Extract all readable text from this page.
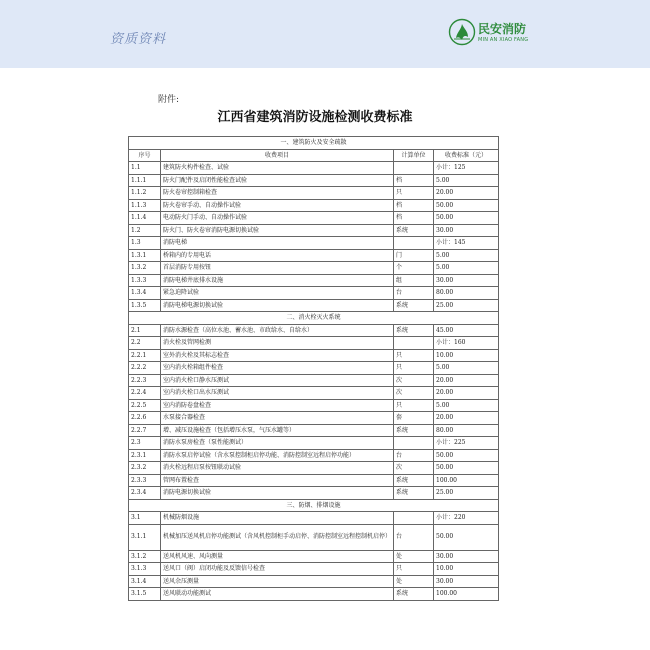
资质资料
民安消防
MIN AN XIAO FANG
附件:
江西省建筑消防设施检测收费标准
一、建筑防火及安全疏散			
序号	收费项目	计算单位	收费标准（元）
1.1	建筑防火构件检查、试验		小计：125
1.1.1	防火门配件及启闭性能检查试验	档	5.00
1.1.2	防火卷帘控制箱检查	只	20.00
1.1.3	防火卷帘手动、自动操作试验	档	50.00
1.1.4	电动防火门手动、自动操作试验	档	50.00
1.2	防火门、防火卷帘消防电源切换试验	系统	30.00
1.3	消防电梯		小计：145
1.3.1	桥箱内的专用电话	门	5.00
1.3.2	首层消防专用按钮	个	5.00
1.3.3	消防电梯井底排水设施	组	30.00
1.3.4	紧急迫降试验	台	80.00
1.3.5	消防电梯电源切换试验	系统	25.00
二、消火栓灭火系统			
2.1	消防水源检查（高位水池、蓄水池、市政给水、自给水）	系统	45.00
2.2	消火栓及管网检测		小计：160
2.2.1	室外消火栓及其标志检查	只	10.00
2.2.2	室内消火栓箱组件检查	只	5.00
2.2.3	室内消火栓口静水压测试	次	20.00
2.2.4	室内消火栓口出水压测试	次	20.00
2.2.5	室内消防卷盘检查	只	5.00
2.2.6	水泵接合器检查	套	20.00
2.2.7	增、减压设施检查（包括增压水泵，气压水罐等）	系统	80.00
2.3	消防水泵房检查（泵性能测试）		小计：225
2.3.1	消防水泵启停试验（含水泵控制柜启停功能、消防控制室远程启停功能）	台	50.00
2.3.2	消火栓远程启泵按钮联动试验	次	50.00
2.3.3	管网布置检查	系统	100.00
2.3.4	消防电源切换试验	系统	25.00
三、防烟、排烟设施			
3.1	机械防烟设施		小计：220
3.1.1	机械加压送风机启停功能测试（含风机控制柜手动启停、消防控制室远程控制机启停）	台	50.00
3.1.2	送风机风速、风向测量	处	30.00
3.1.3	送风口（阀）启闭功能及反馈信号检查	只	10.00
3.1.4	送风余压测量	处	30.00
3.1.5	送风联动功能测试	系统	100.00
